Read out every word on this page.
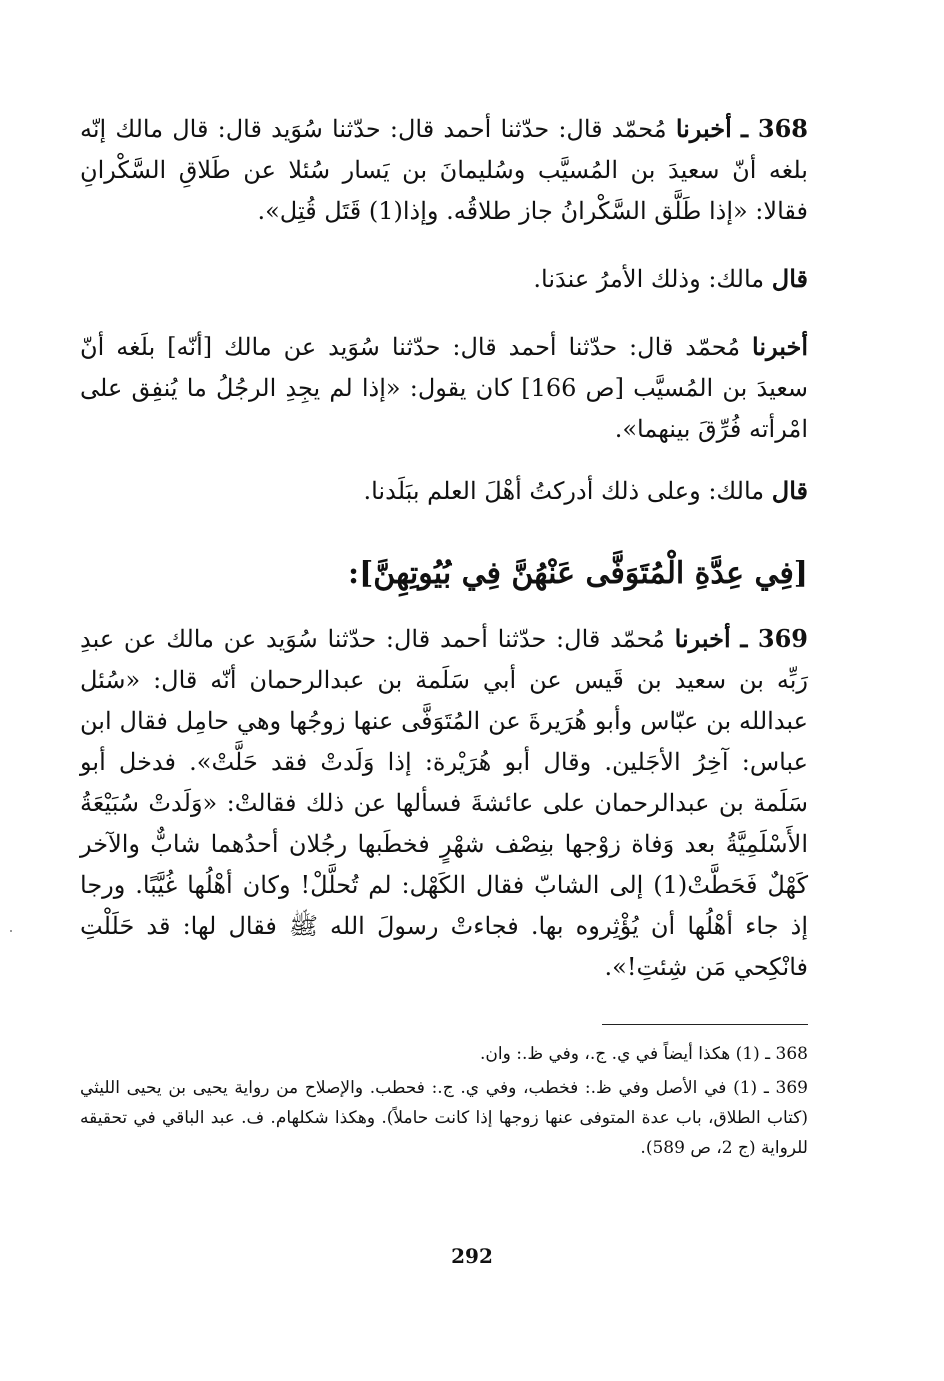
368 ـ أخبرنا مُحمّد قال: حدّثنا أحمد قال: حدّثنا سُوَيد قال: قال مالك إنّه بلغه أنّ سعيدَ بن المُسيَّب وسُليمانَ بن يَسار سُئلا عن طَلاقِ السَّكْرانِ فقالا: «إذا طَلَّق السَّكْرانُ جاز طلاقُه. وإذا(1) قَتَل قُتِل».

قال مالك: وذلك الأمرُ عندَنا.

أخبرنا مُحمّد قال: حدّثنا أحمد قال: حدّثنا سُوَيد عن مالك [أنّه] بلَغه أنّ سعيدَ بن المُسيَّب [ص 166] كان يقول: «إذا لم يجِدِ الرجُلُ ما يُنفِق على امْرأته فُرِّقَ بينهما».

قال مالك: وعلى ذلك أدركتُ أهْلَ العلم ببَلَدنا.

[فِي عِدَّةِ الْمُتَوَفَّى عَنْهُنَّ فِي بُيُوتِهِنَّ]:

369 ـ أخبرنا مُحمّد قال: حدّثنا أحمد قال: حدّثنا سُوَيد عن مالك عن عبدِ رَبِّه بن سعيد بن قَيس عن أبي سَلَمة بن عبدالرحمان أنّه قال: «سُئل عبدالله بن عبّاس وأبو هُرَيرةَ عن المُتَوَفَّى عنها زوجُها وهي حامِل فقال ابن عباس: آخِرُ الأجَلين. وقال أبو هُرَيْرة: إذا وَلَدتْ فقد حَلَّتْ». فدخل أبو سَلَمة بن عبدالرحمان على عائشةَ فسألها عن ذلك فقالتْ: «وَلَدتْ سُبَيْعَةُ الأَسْلَمِيَّةُ بعد وَفاة زوْجها بنِصْف شهْرٍ فخطَبها رجُلان أحدُهما شابٌّ والآخر كَهْلٌ فَحَطَّتْ(1) إلى الشابّ فقال الكَهْل: لم تُحلَّلْ! وكان أهْلُها غُيَّبًا. ورجا إذ جاء أهْلُها أن يُؤْثِروه بها. فجاءتْ رسولَ الله ﷺ فقال لها: قد حَلَلْتِ فانْكِحي مَن شِئتِ!».

368 ـ (1) هكذا أيضاً في ي. ج.، وفي ظ.: وان.

369 ـ (1) في الأصل وفي ظ.: فخطب، وفي ي. ج.: فحطب. والإصلاح من رواية يحيى بن يحيى الليثي (كتاب الطلاق، باب عدة المتوفى عنها زوجها إذا كانت حاملاً). وهكذا شكلهام. ف. عبد الباقي في تحقيقه للرواية (ج 2، ص 589).

292
